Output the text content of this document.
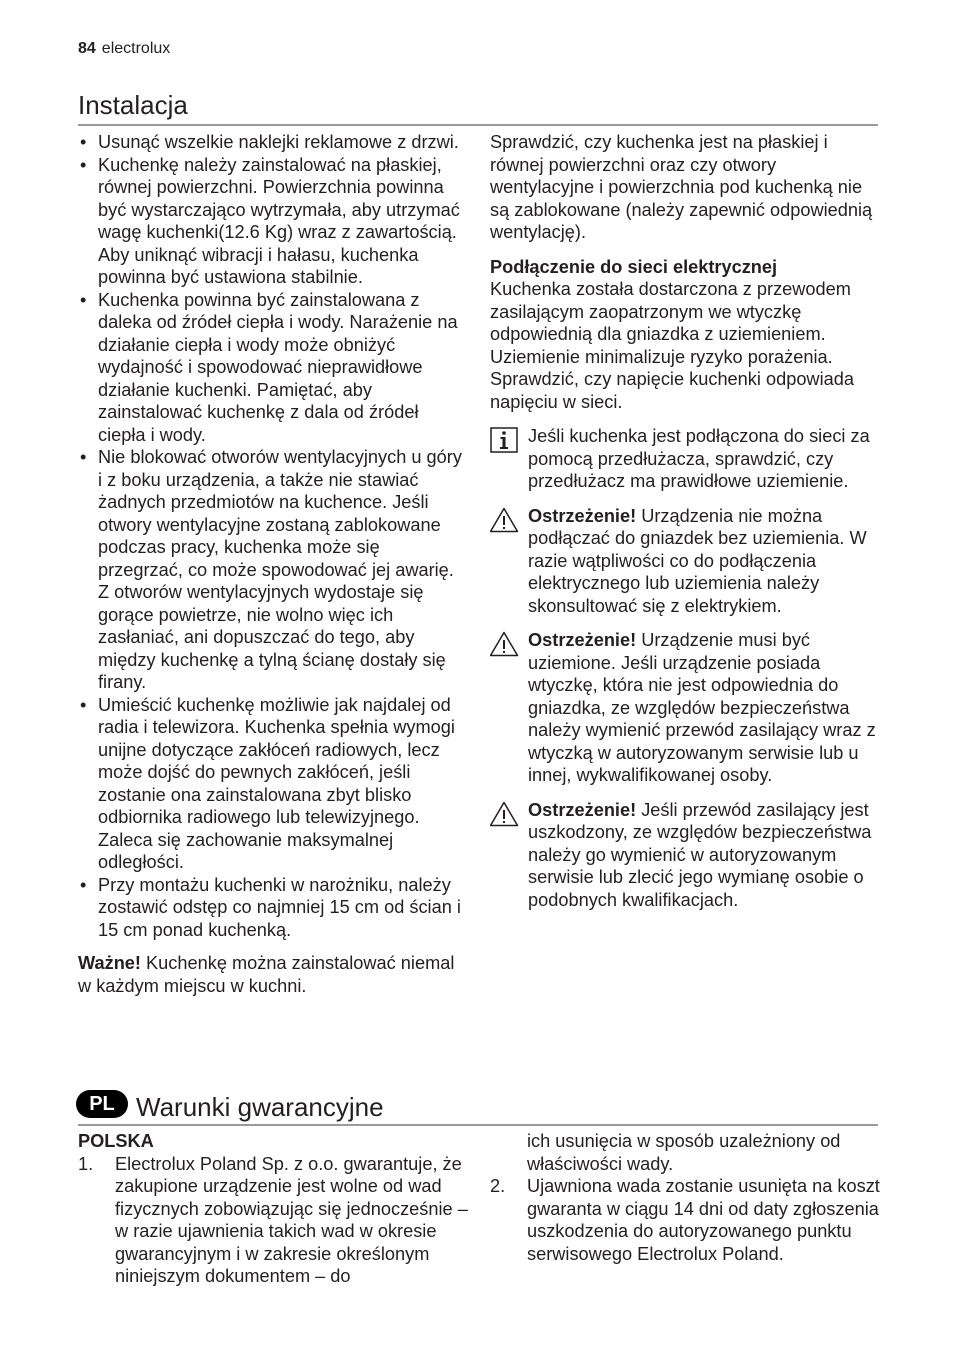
84 electrolux
Instalacja
• Usunąć wszelkie naklejki reklamowe z drzwi.
• Kuchenkę należy zainstalować na płaskiej, równej powierzchni. Powierzchnia powinna być wystarczająco wytrzymała, aby utrzymać wagę kuchenki(12.6 Kg) wraz z zawartością. Aby uniknąć wibracji i hałasu, kuchenka powinna być ustawiona stabilnie.
• Kuchenka powinna być zainstalowana z daleka od źródeł ciepła i wody. Narażenie na działanie ciepła i wody może obniżyć wydajność i spowodować nieprawidłowe działanie kuchenki. Pamiętać, aby zainstalować kuchenkę z dala od źródeł ciepła i wody.
• Nie blokować otworów wentylacyjnych u góry i z boku urządzenia, a także nie stawiać żadnych przedmiotów na kuchence. Jeśli otwory wentylacyjne zostaną zablokowane podczas pracy, kuchenka może się przegrzać, co może spowodować jej awarię. Z otworów wentylacyjnych wydostaje się gorące powietrze, nie wolno więc ich zasłaniać, ani dopuszczać do tego, aby między kuchenkę a tylną ścianę dostały się firany.
• Umieścić kuchenkę możliwie jak najdalej od radia i telewizora. Kuchenka spełnia wymogi unijne dotyczące zakłóceń radiowych, lecz może dojść do pewnych zakłóceń, jeśli zostanie ona zainstalowana zbyt blisko odbiornika radiowego lub telewizyjnego. Zaleca się zachowanie maksymalnej odległości.
• Przy montażu kuchenki w narożniku, należy zostawić odstęp co najmniej 15 cm od ścian i 15 cm ponad kuchenką.

Ważne! Kuchenkę można zainstalować niemal w każdym miejscu w kuchni.

Sprawdzić, czy kuchenka jest na płaskiej i równej powierzchni oraz czy otwory wentylacyjne i powierzchnia pod kuchenką nie są zablokowane (należy zapewnić odpowiednią wentylację).

Podłączenie do sieci elektrycznej

Kuchenka została dostarczona z przewodem zasilającym zaopatrzonym we wtyczkę odpowiednią dla gniazdka z uziemieniem. Uziemienie minimalizuje ryzyko porażenia. Sprawdzić, czy napięcie kuchenki odpowiada napięciu w sieci.

Jeśli kuchenka jest podłączona do sieci za pomocą przedłużacza, sprawdzić, czy przedłużacz ma prawidłowe uziemienie.

Ostrzeżenie! Urządzenia nie można podłączać do gniazdek bez uziemienia. W razie wątpliwości co do podłączenia elektrycznego lub uziemienia należy skonsultować się z elektrykiem.

Ostrzeżenie! Urządzenie musi być uziemione. Jeśli urządzenie posiada wtyczkę, która nie jest odpowiednia do gniazdka, ze względów bezpieczeństwa należy wymienić przewód zasilający wraz z wtyczką w autoryzowanym serwisie lub u innej, wykwalifikowanej osoby.

Ostrzeżenie! Jeśli przewód zasilający jest uszkodzony, ze względów bezpieczeństwa należy go wymienić w autoryzowanym serwisie lub zlecić jego wymianę osobie o podobnych kwalifikacjach.

PL Warunki gwarancyjne

POLSKA

1. Electrolux Poland Sp. z o.o. gwarantuje, że zakupione urządzenie jest wolne od wad fizycznych zobowiązując się jednocześnie – w razie ujawnienia takich wad w okresie gwarancyjnym i w zakresie określonym niniejszym dokumentem – do
ich usunięcia w sposób uzależniony od właściwości wady.
2. Ujawniona wada zostanie usunięta na koszt gwaranta w ciągu 14 dni od daty zgłoszenia uszkodzenia do autoryzowanego punktu serwisowego Electrolux Poland.
